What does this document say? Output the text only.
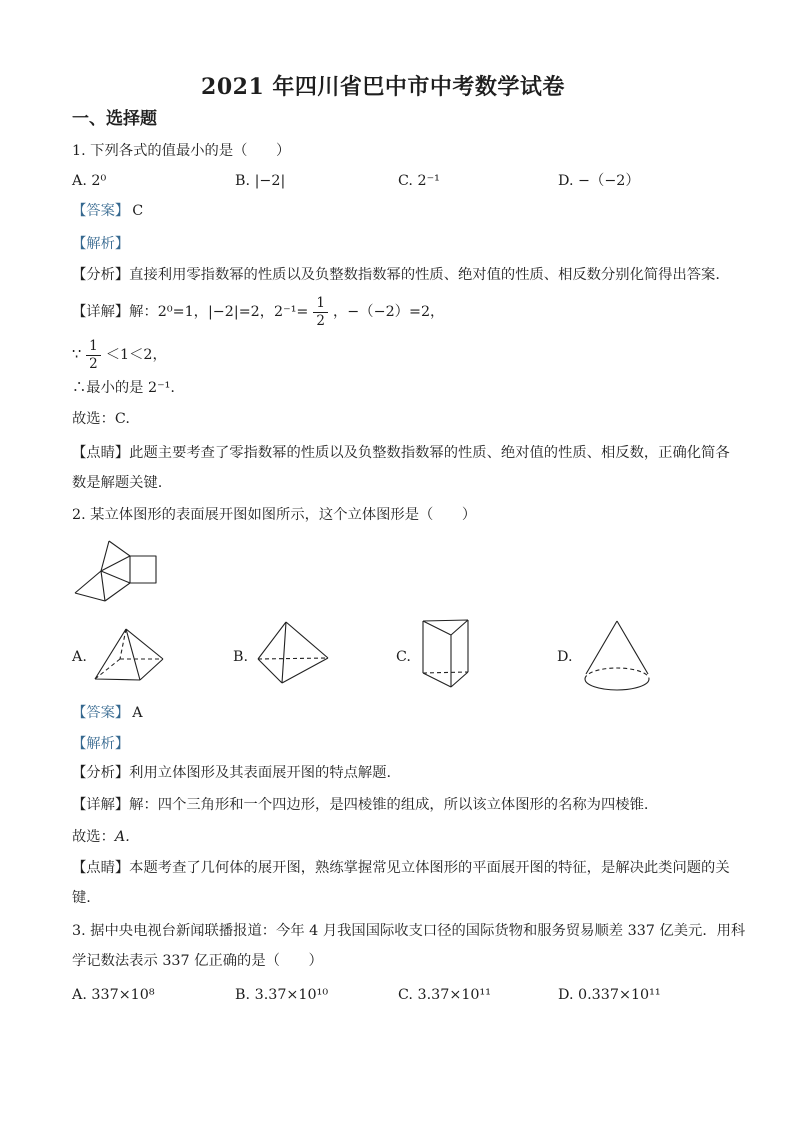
2021 年四川省巴中市中考数学试卷
一、选择题
1. 下列各式的值最小的是（　　）
A. 2⁰	B. |−2|	C. 2⁻¹	D. −（−2）
【答案】 C
【解析】
【分析】直接利用零指数幂的性质以及负整数指数幂的性质、绝对值的性质、相反数分别化简得出答案.
【详解】解：2⁰=1，|−2|=2，$2^{-1}= \frac{1}{2}$ ，−（−2）=2，
∵ $\frac{1}{2} <1<2$，
∴最小的是 2⁻¹.
故选：C.
【点睛】此题主要考查了零指数幂的性质以及负整数指数幂的性质、绝对值的性质、相反数，正确化简各
数是解题关键.
2. 某立体图形的表面展开图如图所示，这个立体图形是（　　）
A.	B.	C.	D.
【答案】 A
【解析】
【分析】利用立体图形及其表面展开图的特点解题.
【详解】解：四个三角形和一个四边形，是四棱锥的组成，所以该立体图形的名称为四棱锥.
故选：A.
【点睛】本题考查了几何体的展开图，熟练掌握常见立体图形的平面展开图的特征，是解决此类问题的关
键.
3. 据中央电视台新闻联播报道：今年 4 月我国国际收支口径的国际货物和服务贸易顺差 337 亿美元．用科
学记数法表示 337 亿正确的是（　　）
A. 337×10⁸	B. 3.37×10¹⁰	C. 3.37×10¹¹	D. 0.337×10¹¹
